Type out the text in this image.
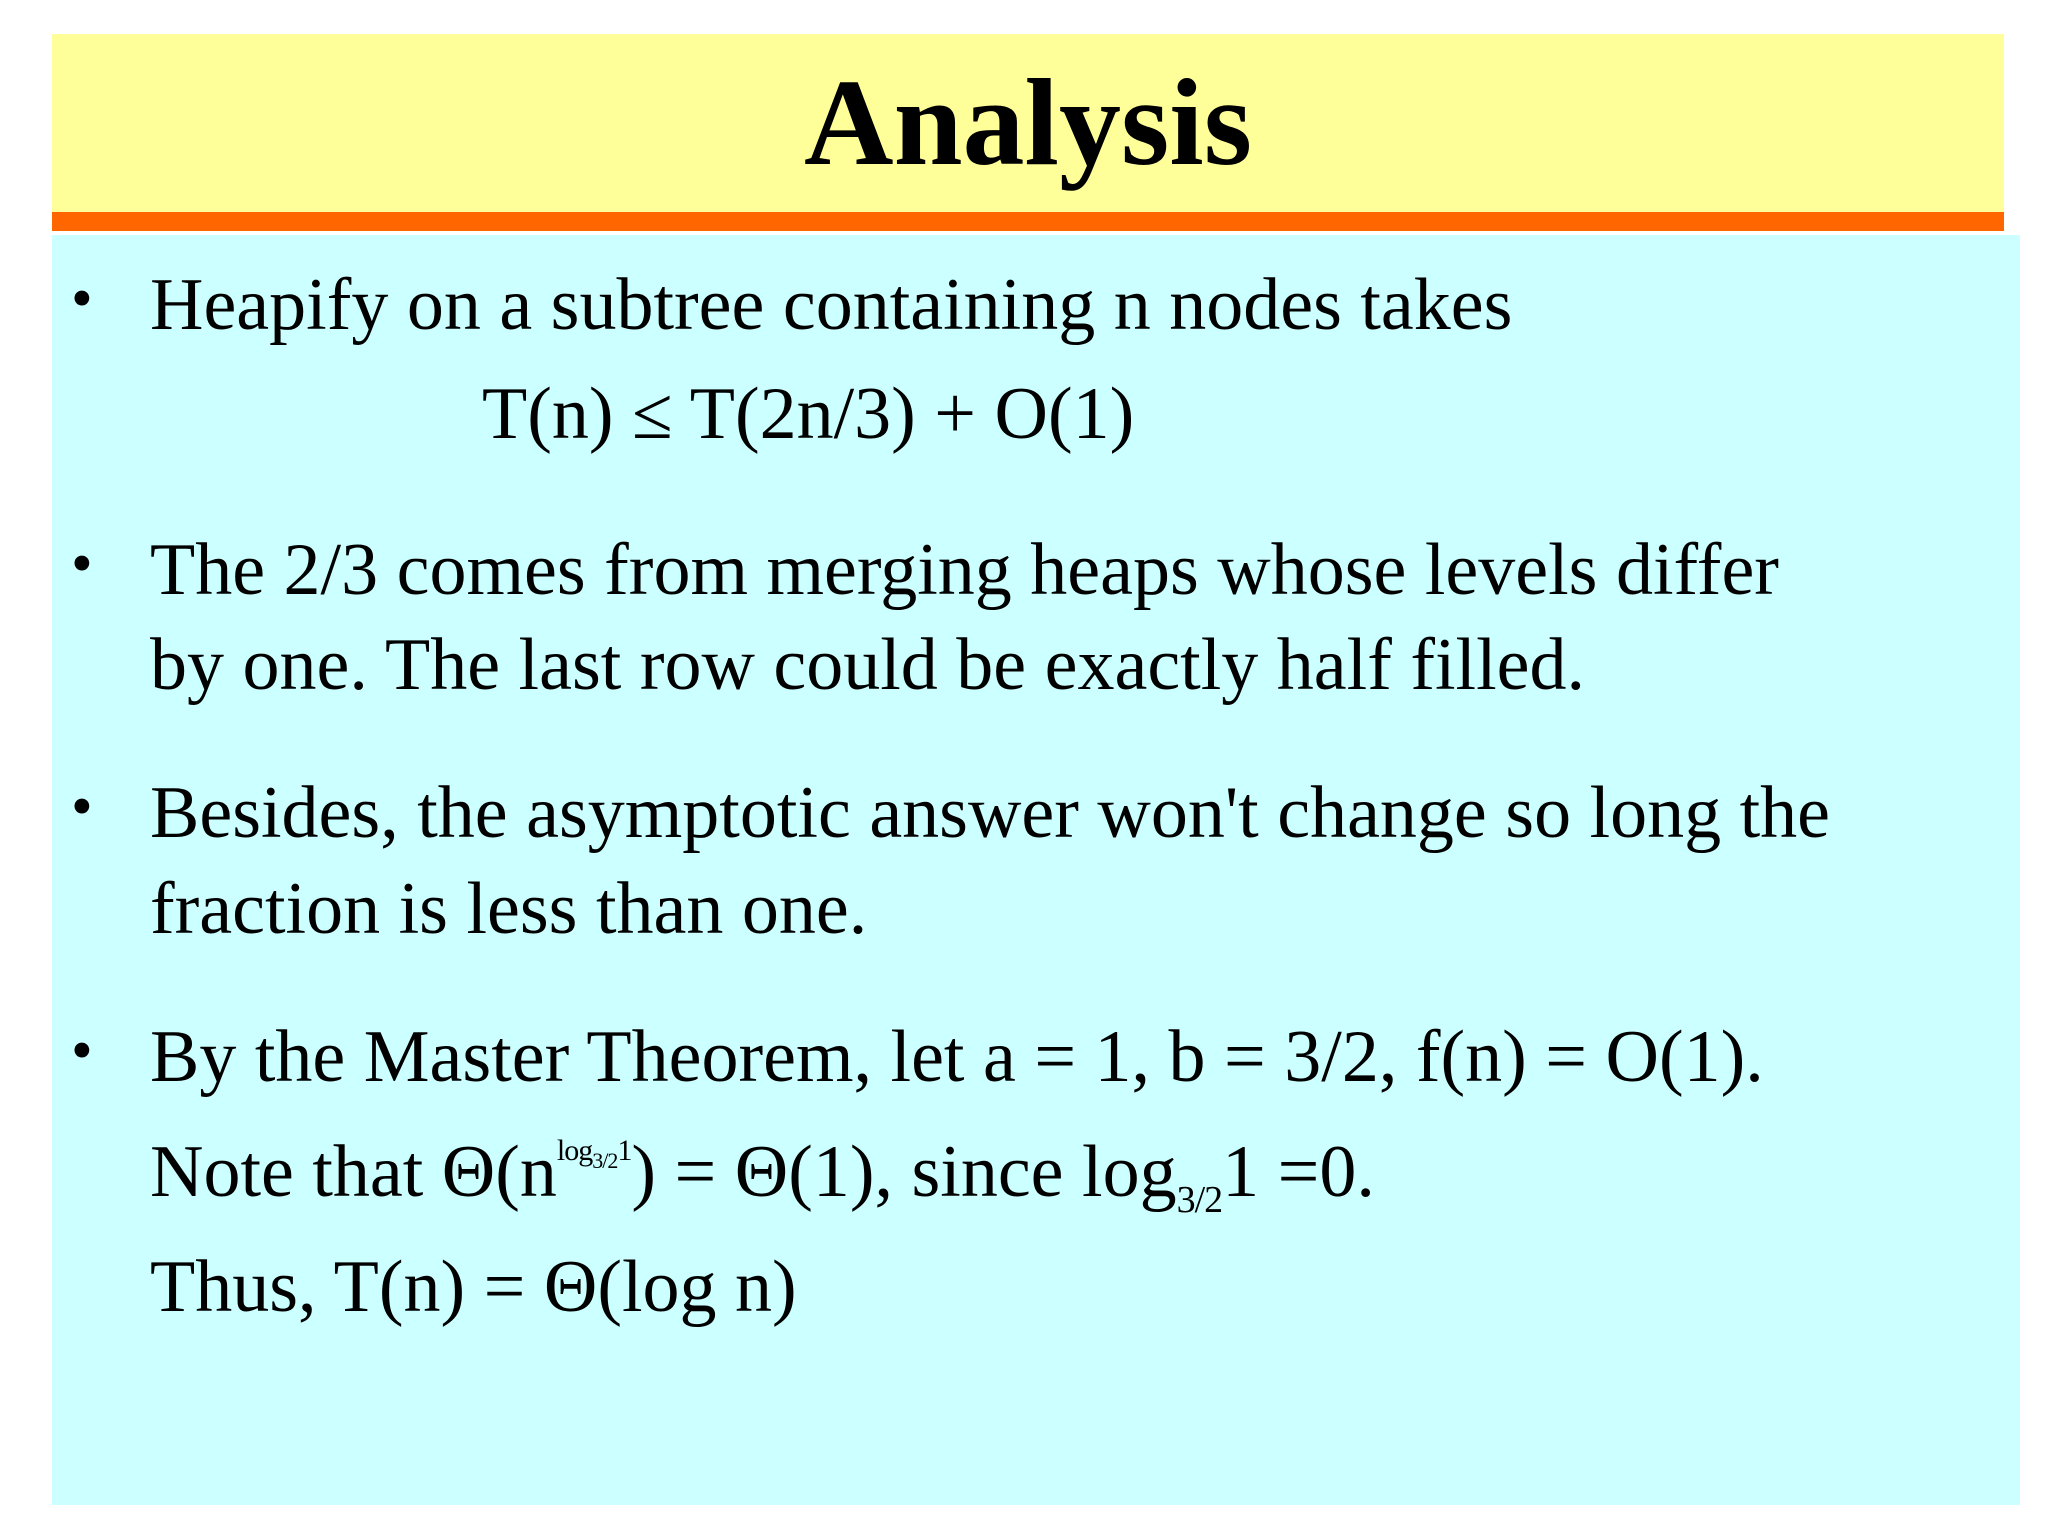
Analysis
• Heapify on a subtree containing n nodes takes
T(n) ≤ T(2n/3) + O(1)
• The 2/3 comes from merging heaps whose levels differ
by one. The last row could be exactly half filled.
• Besides, the asymptotic answer won't change so long the
fraction is less than one.
• By the Master Theorem, let a = 1, b = 3/2, f(n) = O(1).
Note that $\Theta(n^{log_{3/2}1}) = \Theta(1)$, since $\log_{3/2}1 =0$.
Thus, T(n) = Θ(log n)
